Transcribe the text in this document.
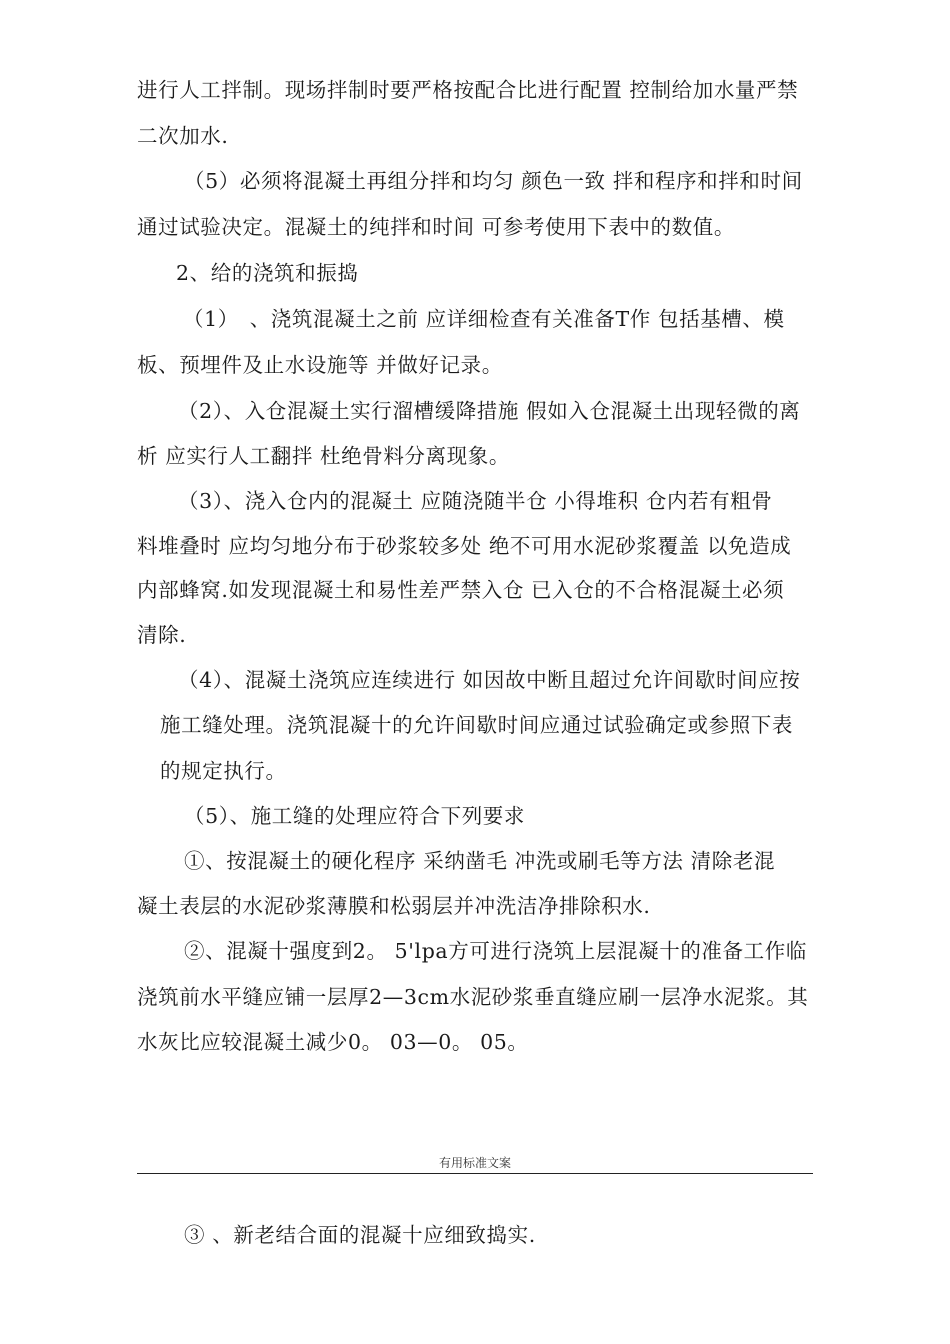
进行人工拌制。现场拌制时要严格按配合比进行配置 控制给加水量严禁
二次加水.
（5）必须将混凝土再组分拌和均匀 颜色一致 拌和程序和拌和时间
通过试验决定。混凝土的纯拌和时间 可参考使用下表中的数值。
2、给的浇筑和振捣
（1）　、浇筑混凝土之前 应详细检查有关准备T作 包括基槽、模
板、预埋件及止水设施等 并做好记录。
（2）、入仓混凝土实行溜槽缓降措施 假如入仓混凝土出现轻微的离
析 应实行人工翻拌 杜绝骨料分离现象。
（3）、浇入仓内的混凝土 应随浇随半仓 小得堆积 仓内若有粗骨
料堆叠时 应均匀地分布于砂浆较多处 绝不可用水泥砂浆覆盖 以免造成
内部蜂窝.如发现混凝土和易性差严禁入仓 已入仓的不合格混凝土必须
清除.
（4）、混凝土浇筑应连续进行 如因故中断且超过允许间歇时间应按
施工缝处理。浇筑混凝十的允许间歇时间应通过试验确定或参照下表
的规定执行。
（5）、施工缝的处理应符合下列要求
①、按混凝土的硬化程序 采纳凿毛 冲洗或刷毛等方法 清除老混
凝土表层的水泥砂浆薄膜和松弱层并冲洗洁净排除积水.
②、混凝十强度到2。 5'lpa方可进行浇筑上层混凝十的准备工作临
浇筑前水平缝应铺一层厚2—3cm水泥砂浆垂直缝应刷一层净水泥浆。其
水灰比应较混凝土减少0。 03—0。 05。
有用标准文案
③ 、新老结合面的混凝十应细致捣实.
